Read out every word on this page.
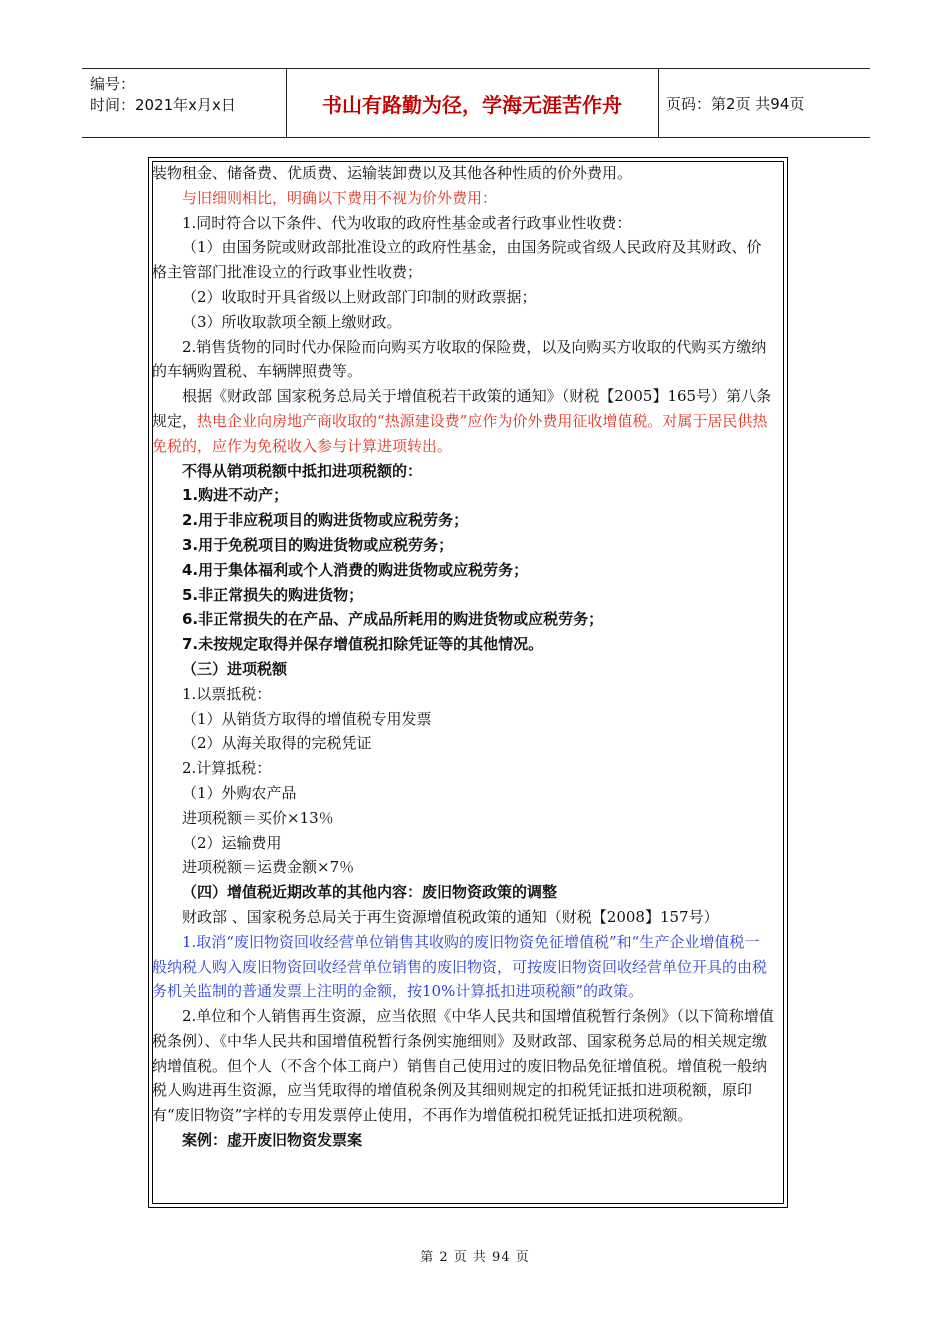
编号：
时间：2021年x月x日	书山有路勤为径，学海无涯苦作舟	页码：第2页 共94页

装物租金、储备费、优质费、运输装卸费以及其他各种性质的价外费用。

与旧细则相比，明确以下费用不视为价外费用：

1.同时符合以下条件、代为收取的政府性基金或者行政事业性收费：

（1）由国务院或财政部批准设立的政府性基金，由国务院或省级人民政府及其财政、价格主管部门批准设立的行政事业性收费；

（2）收取时开具省级以上财政部门印制的财政票据；

（3）所收取款项全额上缴财政。

2.销售货物的同时代办保险而向购买方收取的保险费，以及向购买方收取的代购买方缴纳的车辆购置税、车辆牌照费等。

根据《财政部 国家税务总局关于增值税若干政策的通知》（财税【2005】165号）第八条规定，热电企业向房地产商收取的“热源建设费”应作为价外费用征收增值税。对属于居民供热免税的，应作为免税收入参与计算进项转出。

不得从销项税额中抵扣进项税额的：

1.购进不动产；

2.用于非应税项目的购进货物或应税劳务；

3.用于免税项目的购进货物或应税劳务；

4.用于集体福利或个人消费的购进货物或应税劳务；

5.非正常损失的购进货物；

6.非正常损失的在产品、产成品所耗用的购进货物或应税劳务；

7.未按规定取得并保存增值税扣除凭证等的其他情况。

（三）进项税额

1.以票抵税：

（1）从销货方取得的增值税专用发票

（2）从海关取得的完税凭证

2.计算抵税：

（1）外购农产品

进项税额＝买价×13％

（2）运输费用

进项税额＝运费金额×7％

（四）增值税近期改革的其他内容：废旧物资政策的调整

财政部 、国家税务总局关于再生资源增值税政策的通知（财税【2008】157号）

1.取消“废旧物资回收经营单位销售其收购的废旧物资免征增值税”和“生产企业增值税一般纳税人购入废旧物资回收经营单位销售的废旧物资，可按废旧物资回收经营单位开具的由税务机关监制的普通发票上注明的金额，按10%计算抵扣进项税额”的政策。

2.单位和个人销售再生资源，应当依照《中华人民共和国增值税暂行条例》（以下简称增值税条例）、《中华人民共和国增值税暂行条例实施细则》及财政部、国家税务总局的相关规定缴纳增值税。但个人（不含个体工商户）销售自己使用过的废旧物品免征增值税。增值税一般纳税人购进再生资源，应当凭取得的增值税条例及其细则规定的扣税凭证抵扣进项税额，原印有“废旧物资”字样的专用发票停止使用，不再作为增值税扣税凭证抵扣进项税额。

案例：虚开废旧物资发票案

第 2 页 共 94 页
